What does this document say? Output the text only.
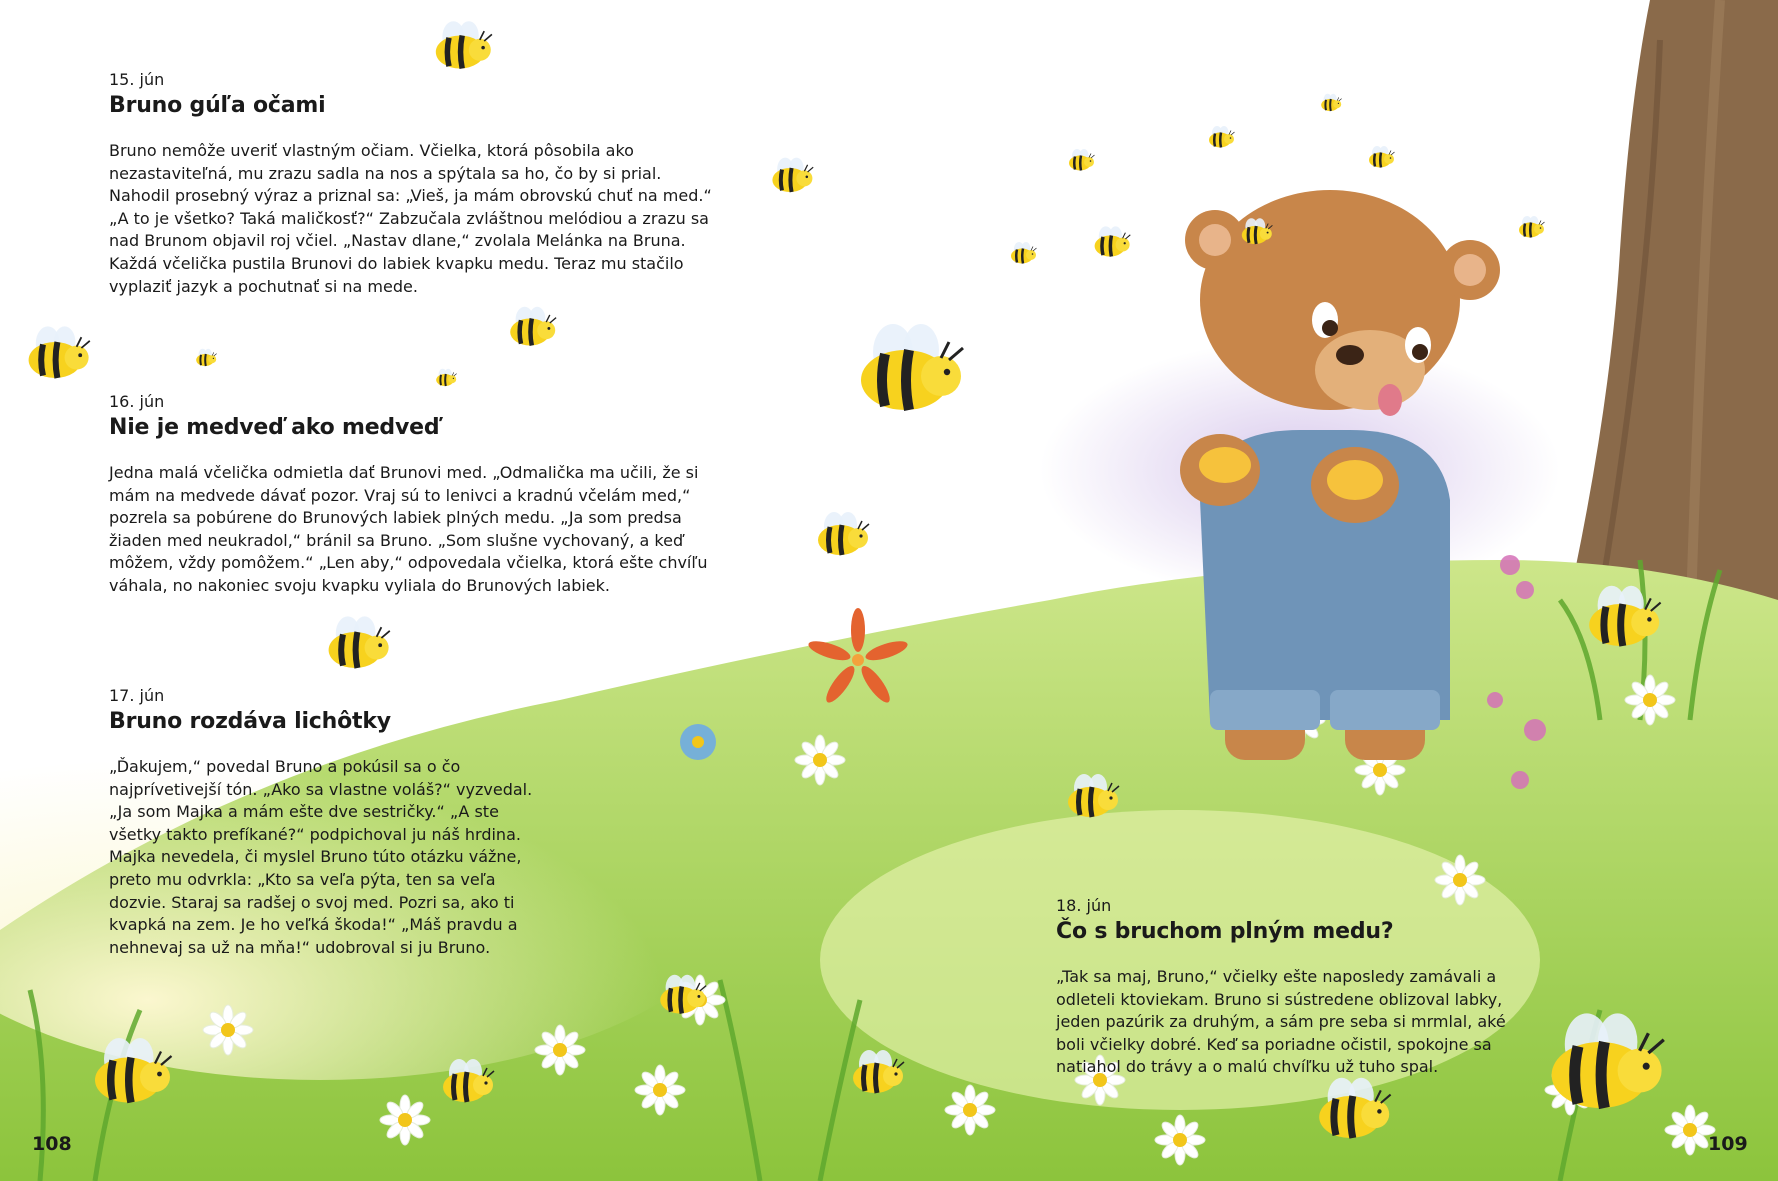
15. jún
Bruno gúľa očami

Bruno nemôže uveriť vlastným očiam. Včielka, ktorá pôsobila ako nezastaviteľná, mu zrazu sadla na nos a spýtala sa ho, čo by si prial. Nahodil prosebný výraz a priznal sa: „Vieš, ja mám obrovskú chuť na med.“ „A to je všetko? Taká maličkosť?“ Zabzučala zvláštnou melódiou a zrazu sa nad Brunom objavil roj včiel. „Nastav dlane,“ zvolala Melánka na Bruna. Každá včelička pustila Brunovi do labiek kvapku medu. Teraz mu stačilo vyplaziť jazyk a pochutnať si na mede.

16. jún
Nie je medveď ako medveď

Jedna malá včelička odmietla dať Brunovi med. „Odmalička ma učili, že si mám na medvede dávať pozor. Vraj sú to lenivci a kradnú včelám med,“ pozrela sa pobúrene do Brunových labiek plných medu. „Ja som predsa žiaden med neukradol,“ bránil sa Bruno. „Som slušne vychovaný, a keď môžem, vždy pomôžem.“ „Len aby,“ odpovedala včielka, ktorá ešte chvíľu váhala, no nakoniec svoju kvapku vyliala do Brunových labiek.

17. jún
Bruno rozdáva lichôtky

„Ďakujem,“ povedal Bruno a pokúsil sa o čo najprívetivejší tón. „Ako sa vlastne voláš?“ vyzvedal. „Ja som Majka a mám ešte dve sestričky.“ „A ste všetky takto prefíkané?“ podpichoval ju náš hrdina. Majka nevedela, či myslel Bruno túto otázku vážne, preto mu odvrkla: „Kto sa veľa pýta, ten sa veľa dozvie. Staraj sa radšej o svoj med. Pozri sa, ako ti kvapká na zem. Je ho veľká škoda!“ „Máš pravdu a nehnevaj sa už na mňa!“ udobroval si ju Bruno.

108
18. jún
Čo s bruchom plným medu?

„Tak sa maj, Bruno,“ včielky ešte naposledy zamávali a odleteli ktoviekam. Bruno si sústredene oblizoval labky, jeden pazúrik za druhým, a sám pre seba si mrmlal, aké boli včielky dobré. Keď sa poriadne očistil, spokojne sa natiahol do trávy a o malú chvíľku už tuho spal.

109
